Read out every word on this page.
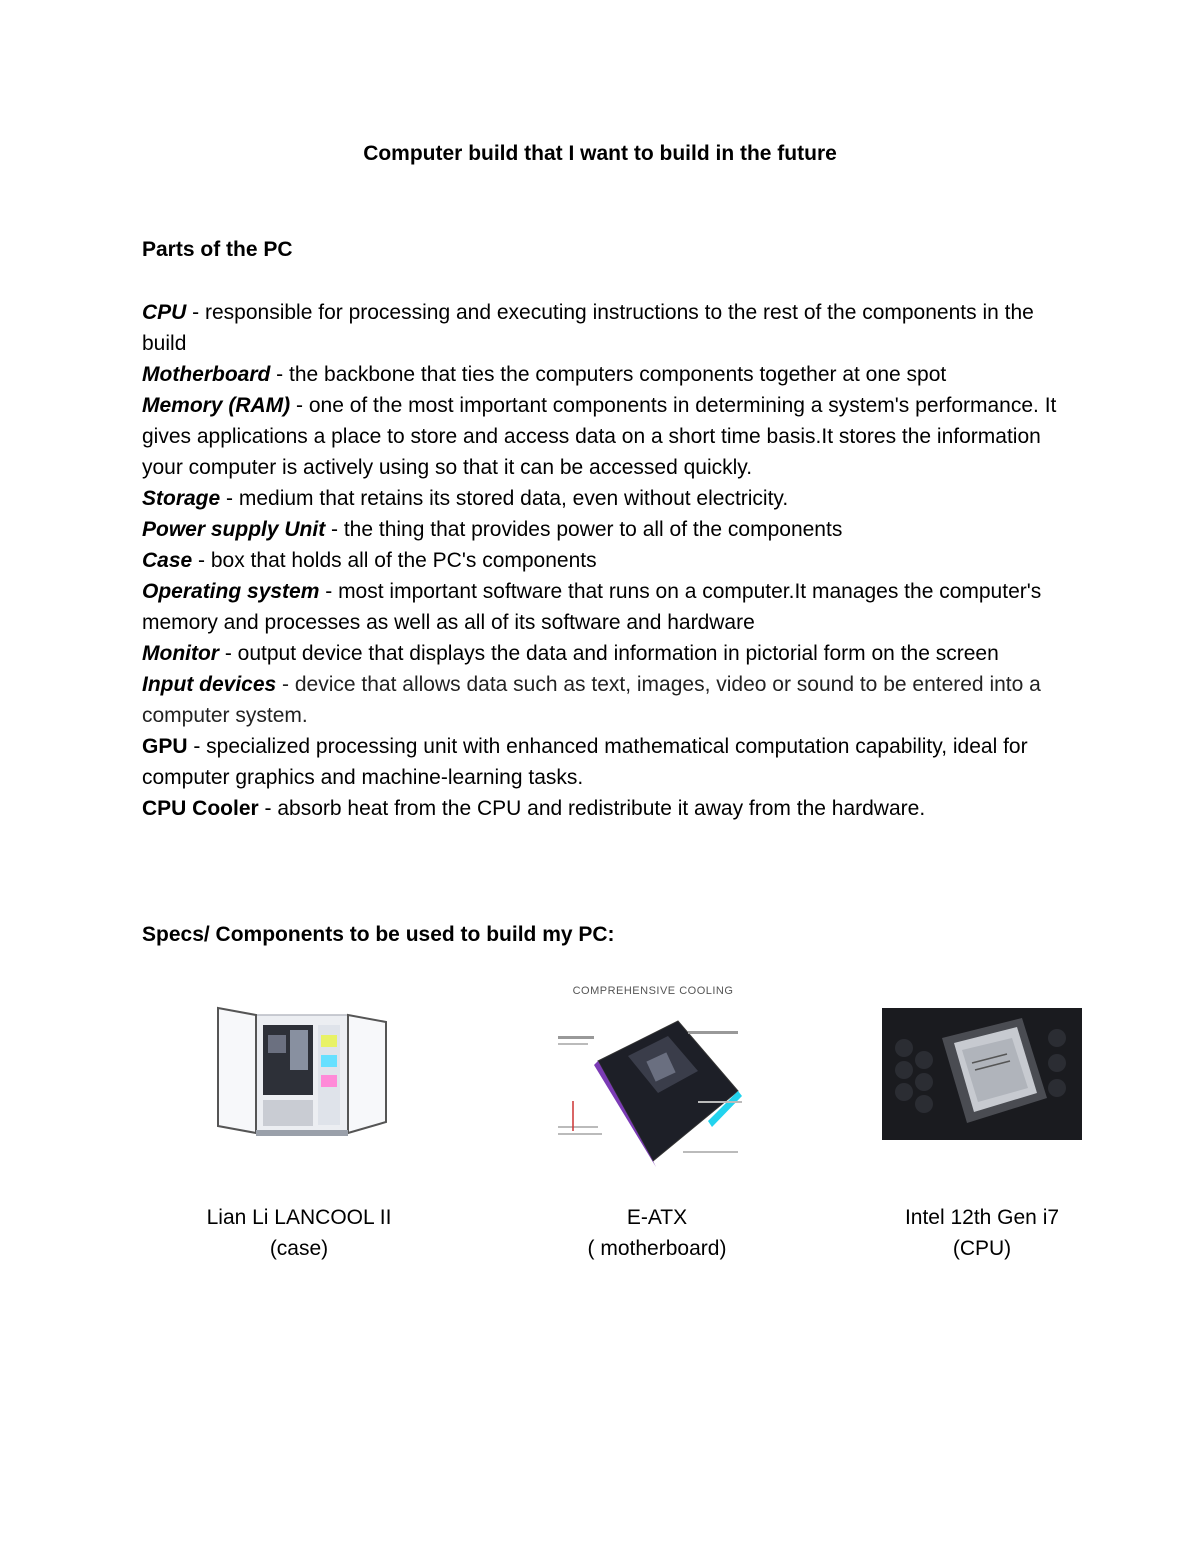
Computer build that I want to build in the future
Parts of the PC

CPU - responsible for processing and executing instructions to the rest of the components in the build

Motherboard - the backbone that ties the computers components together at one spot

Memory (RAM) - one of the most important components in determining a system's performance. It gives applications a place to store and access data on a short time basis.It stores the information your computer is actively using so that it can be accessed quickly.

Storage - medium that retains its stored data, even without electricity.

Power supply Unit - the thing that provides power to all of the components

Case - box that holds all of the PC's components

Operating system - most important software that runs on a computer.It manages the computer's memory and processes as well as all of its software and hardware

Monitor - output device that displays the data and information in pictorial form on the screen

Input devices - device that allows data such as text, images, video or sound to be entered into a computer system.

GPU - specialized processing unit with enhanced mathematical computation capability, ideal for computer graphics and machine-learning tasks.

CPU Cooler - absorb heat from the CPU and redistribute it away from the hardware.

Specs/ Components to be used to build my PC:
COMPREHENSIVE COOLING
Lian Li LANCOOL II
(case)
E-ATX
( motherboard)
Intel 12th Gen i7
(CPU)
